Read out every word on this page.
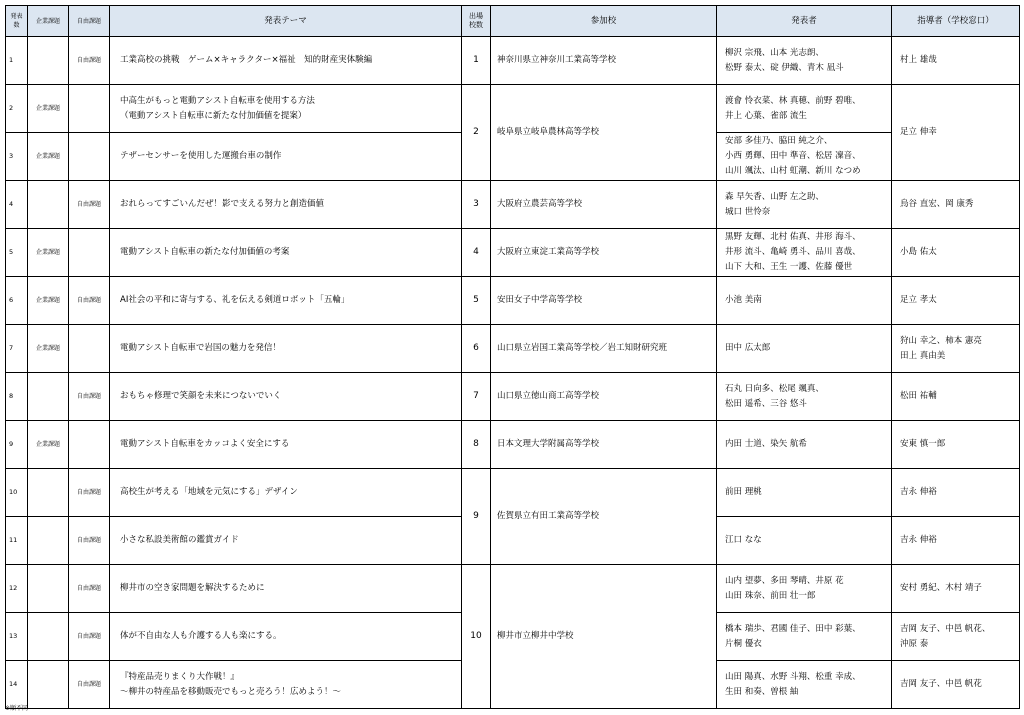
発表
数	企業課題	自由課題	発表テーマ	出場
校数	参加校	発表者	指導者（学校窓口）
1		自由課題	工業高校の挑戦　ゲーム×キャラクター×福祉　知的財産実体験編	1	神奈川県立神奈川工業高等学校	柳沢 宗飛、山本 光志朗、
松野 泰太、碇 伊織、青木 凪斗	村上 雄哉
2	企業課題		中高生がもっと電動アシスト自転車を使用する方法
（電動アシスト自転車に新たな付加価値を提案）	2	岐阜県立岐阜農林高等学校	渡會 怜衣菜、林 真穂、前野 碧唯、
井上 心葉、雀部 流生	足立 伸幸
3	企業課題		テザーセンサーを使用した運搬台車の制作			安部 多佳乃、脇田 純之介、
小西 勇輝、田中 準音、松居 凜音、
山川 颯汰、山村 虹潮、新川 なつめ	
4		自由課題	おれらってすごいんだぜ！影で支える努力と創造価値	3	大阪府立農芸高等学校	森 早矢香、山野 左之助、
城口 世怜奈	烏谷 直宏、岡 康秀
5	企業課題		電動アシスト自転車の新たな付加価値の考案	4	大阪府立東淀工業高等学校	黒野 友輝、北村 佑真、井形 海斗、
井形 流斗、亀崎 勇斗、品川 喜哉、
山下 大和、王生 一護、佐藤 優世	小島 佑太
6	企業課題	自由課題	AI社会の平和に寄与する、礼を伝える剣道ロボット「五輪」	5	安田女子中学高等学校	小池 美南	足立 孝太
7	企業課題		電動アシスト自転車で岩国の魅力を発信！	6	山口県立岩国工業高等学校／岩工知財研究班	田中 広太郎	狩山 幸之、柿本 憲亮
田上 真由美
8		自由課題	おもちゃ修理で笑顔を未来につないでいく	7	山口県立徳山商工高等学校	石丸 日向多、松尾 颯真、
松田 遥希、三谷 悠斗	松田 祐輔
9	企業課題		電動アシスト自転車をカッコよく安全にする	8	日本文理大学附属高等学校	内田 士道、染矢 航希	安東 慎一郎
10		自由課題	高校生が考える「地域を元気にする」デザイン	9	佐賀県立有田工業高等学校	前田 理桃	吉永 伸裕
11		自由課題	小さな私設美術館の鑑賞ガイド			江口 なな	吉永 伸裕
12		自由課題	柳井市の空き家問題を解決するために	10	柳井市立柳井中学校	山内 望夢、多田 琴晴、井原 花
山田 珠奈、前田 壮一郎	安村 勇紀、木村 靖子
13		自由課題	体が不自由な人も介護する人も楽にする。			橋本 瑞歩、君國 佳子、田中 彩葉、
片桐 優衣	吉岡 友子、中邑 帆花、
沖原 泰
14		自由課題	『特産品売りまくり大作戦！』
～柳井の特産品を移動販売でもっと売ろう！広めよう！～			山田 陽真、水野 斗翔、松重 幸成、
生田 和奏、曽根 紬	吉岡 友子、中邑 帆花
※順不同
